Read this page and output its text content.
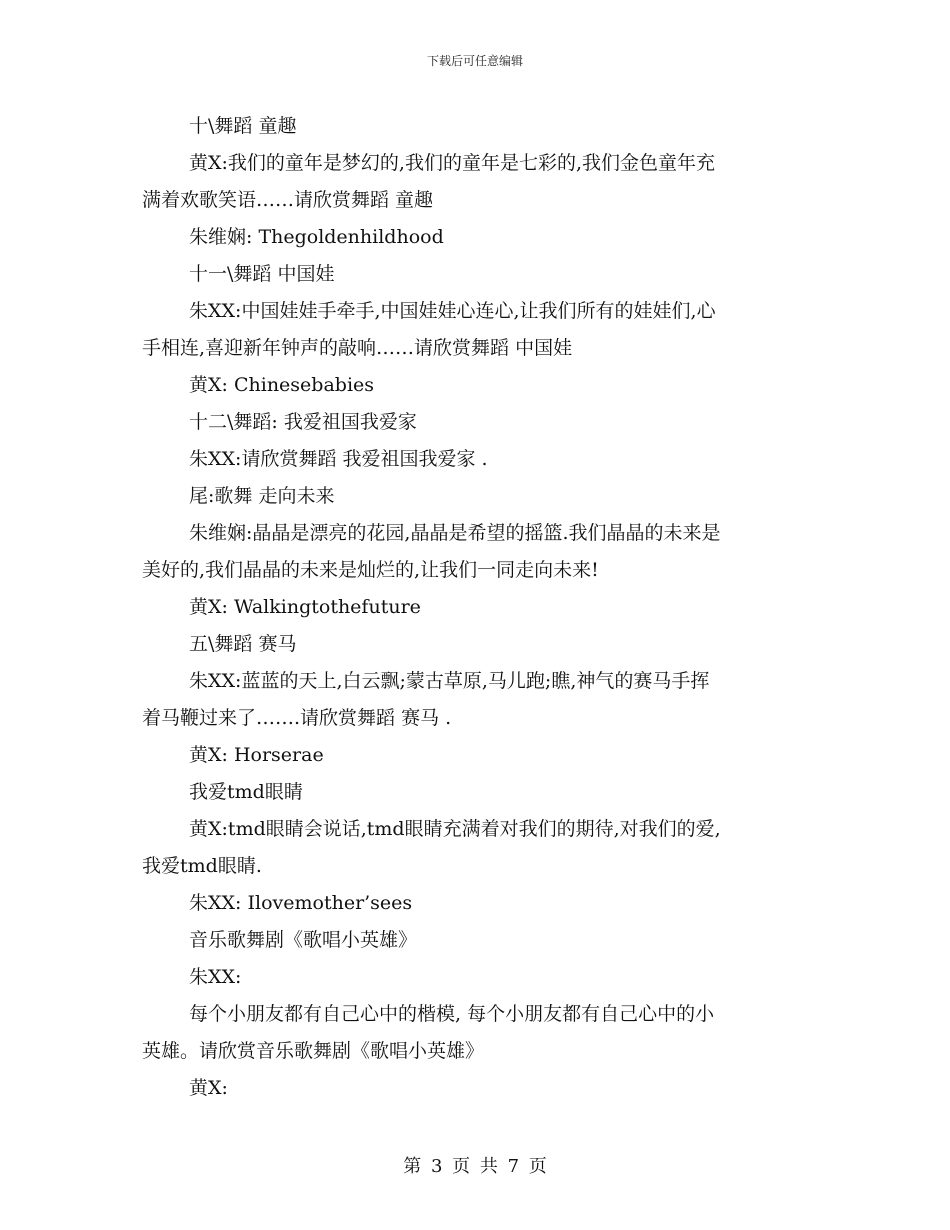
下载后可任意编辑
十\舞蹈 童趣
黄X:我们的童年是梦幻的,我们的童年是七彩的,我们金色童年充
满着欢歌笑语……请欣赏舞蹈 童趣
朱维娴: Thegoldenhildhood
十一\舞蹈 中国娃
朱XX:中国娃娃手牵手,中国娃娃心连心,让我们所有的娃娃们,心
手相连,喜迎新年钟声的敲响……请欣赏舞蹈 中国娃
黄X: Chinesebabies
十二\舞蹈: 我爱祖国我爱家
朱XX:请欣赏舞蹈 我爱祖国我爱家 .
尾:歌舞 走向未来
朱维娴:晶晶是漂亮的花园,晶晶是希望的摇篮.我们晶晶的未来是
美好的,我们晶晶的未来是灿烂的,让我们一同走向未来!
黄X: Walkingtothefuture
五\舞蹈 赛马
朱XX:蓝蓝的天上,白云飘;蒙古草原,马儿跑;瞧,神气的赛马手挥
着马鞭过来了…….请欣赏舞蹈 赛马 .
黄X: Horserae
我爱tmd眼睛
黄X:tmd眼睛会说话,tmd眼睛充满着对我们的期待,对我们的爱,
我爱tmd眼睛.
朱XX: Ilovemother’sees
音乐歌舞剧《歌唱小英雄》
朱XX:
每个小朋友都有自己心中的楷模, 每个小朋友都有自己心中的小
英雄。请欣赏音乐歌舞剧《歌唱小英雄》
黄X:
第 3 页 共 7 页
